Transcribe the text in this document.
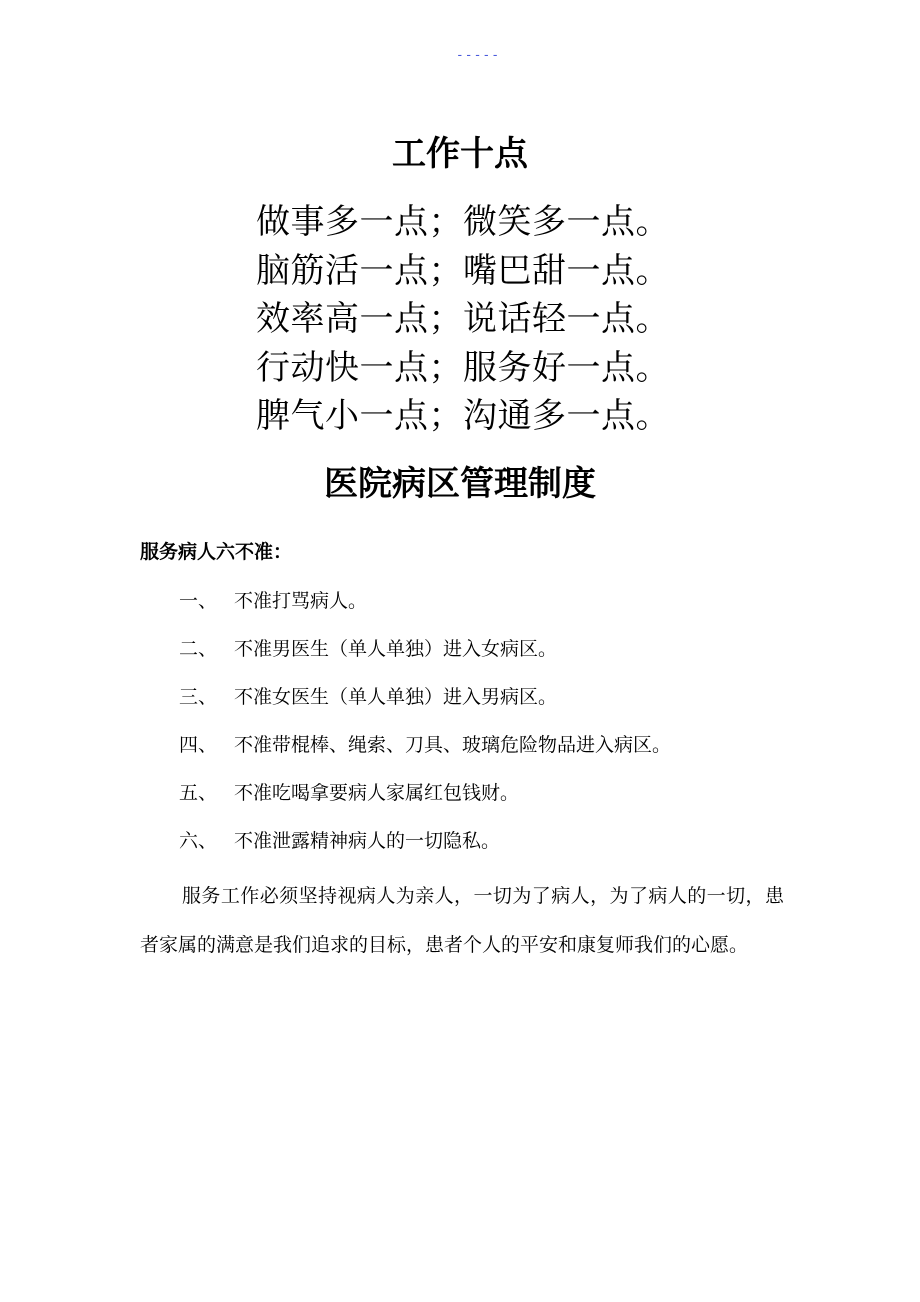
-----
工作十点
做事多一点；微笑多一点。
脑筋活一点；嘴巴甜一点。
效率高一点；说话轻一点。
行动快一点；服务好一点。
脾气小一点；沟通多一点。
医院病区管理制度
服务病人六不准：
一、 不准打骂病人。
二、 不准男医生（单人单独）进入女病区。
三、 不准女医生（单人单独）进入男病区。
四、 不准带棍棒、绳索、刀具、玻璃危险物品进入病区。
五、 不准吃喝拿要病人家属红包钱财。
六、 不准泄露精神病人的一切隐私。
服务工作必须坚持视病人为亲人，一切为了病人，为了病人的一切，患者家属的满意是我们追求的目标，患者个人的平安和康复师我们的心愿。
